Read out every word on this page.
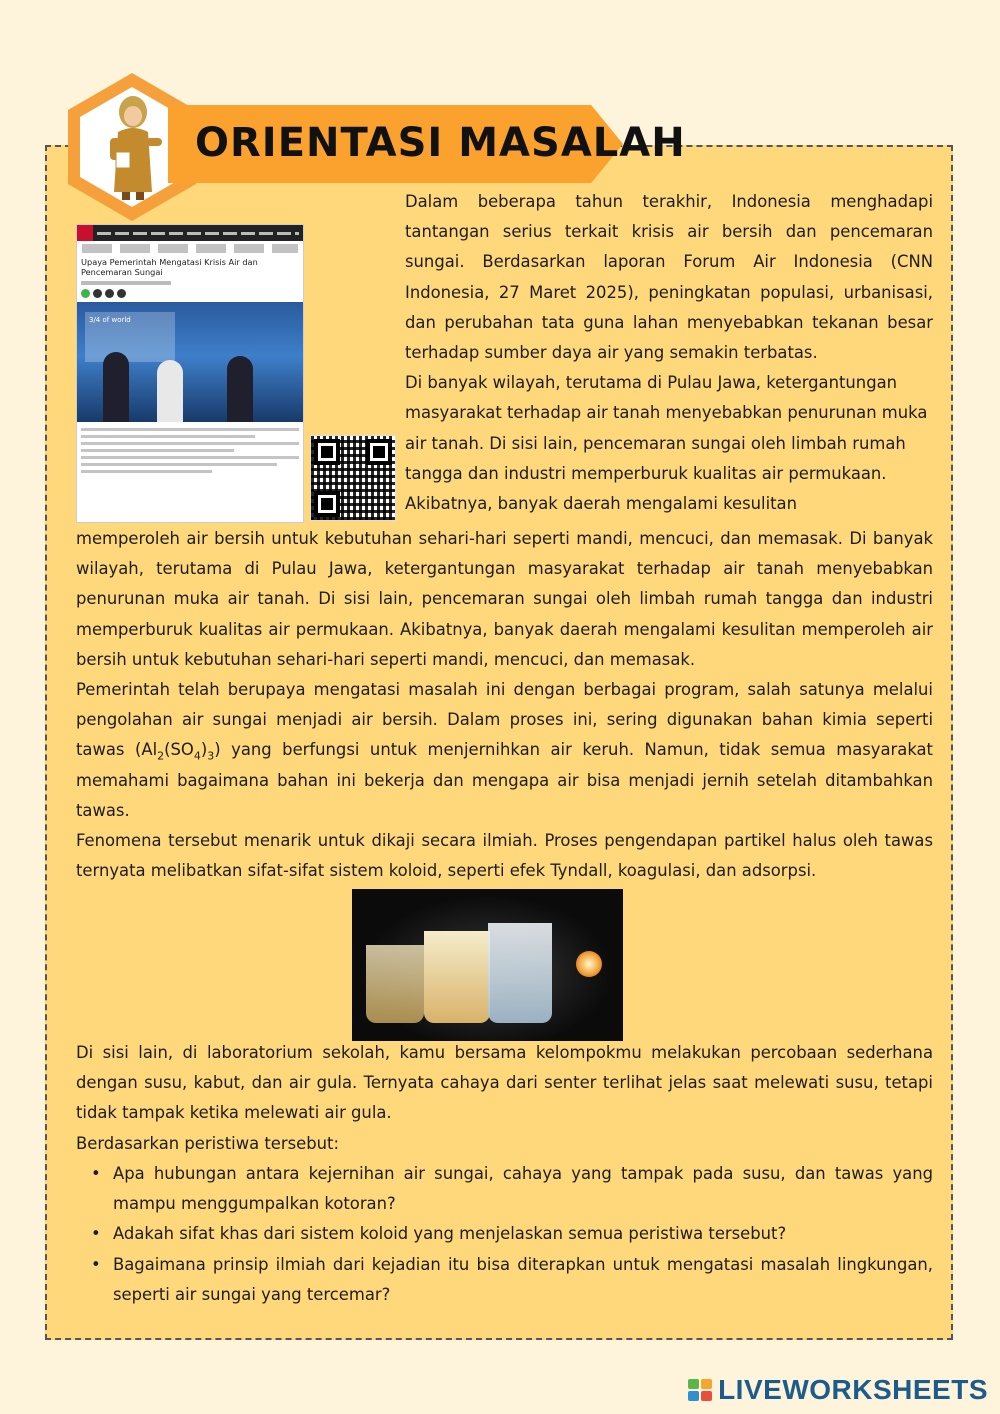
ORIENTASI MASALAH
Upaya Pemerintah Mengatasi Krisis Air dan Pencemaran Sungai
3/4 of world

Dalam beberapa tahun terakhir, Indonesia menghadapi tantangan serius terkait krisis air bersih dan pencemaran sungai. Berdasarkan laporan Forum Air Indonesia (CNN Indonesia, 27 Maret 2025), peningkatan populasi, urbanisasi, dan perubahan tata guna lahan menyebabkan tekanan besar terhadap sumber daya air yang semakin terbatas.

Di banyak wilayah, terutama di Pulau Jawa, ketergantungan masyarakat terhadap air tanah menyebabkan penurunan muka air tanah. Di sisi lain, pencemaran sungai oleh limbah rumah tangga dan industri memperburuk kualitas air permukaan. Akibatnya, banyak daerah mengalami kesulitan

memperoleh air bersih untuk kebutuhan sehari-hari seperti mandi, mencuci, dan memasak. Di banyak wilayah, terutama di Pulau Jawa, ketergantungan masyarakat terhadap air tanah menyebabkan penurunan muka air tanah. Di sisi lain, pencemaran sungai oleh limbah rumah tangga dan industri memperburuk kualitas air permukaan. Akibatnya, banyak daerah mengalami kesulitan memperoleh air bersih untuk kebutuhan sehari-hari seperti mandi, mencuci, dan memasak.

Pemerintah telah berupaya mengatasi masalah ini dengan berbagai program, salah satunya melalui pengolahan air sungai menjadi air bersih. Dalam proses ini, sering digunakan bahan kimia seperti tawas $(Al_2(SO_4)_3)$ yang berfungsi untuk menjernihkan air keruh. Namun, tidak semua masyarakat memahami bagaimana bahan ini bekerja dan mengapa air bisa menjadi jernih setelah ditambahkan tawas.

Fenomena tersebut menarik untuk dikaji secara ilmiah. Proses pengendapan partikel halus oleh tawas ternyata melibatkan sifat-sifat sistem koloid, seperti efek Tyndall, koagulasi, dan adsorpsi.

Di sisi lain, di laboratorium sekolah, kamu bersama kelompokmu melakukan percobaan sederhana dengan susu, kabut, dan air gula. Ternyata cahaya dari senter terlihat jelas saat melewati susu, tetapi tidak tampak ketika melewati air gula.

Berdasarkan peristiwa tersebut:

• Apa hubungan antara kejernihan air sungai, cahaya yang tampak pada susu, dan tawas yang mampu menggumpalkan kotoran?
• Adakah sifat khas dari sistem koloid yang menjelaskan semua peristiwa tersebut?
• Bagaimana prinsip ilmiah dari kejadian itu bisa diterapkan untuk mengatasi masalah lingkungan, seperti air sungai yang tercemar?
LIVEWORKSHEETS
